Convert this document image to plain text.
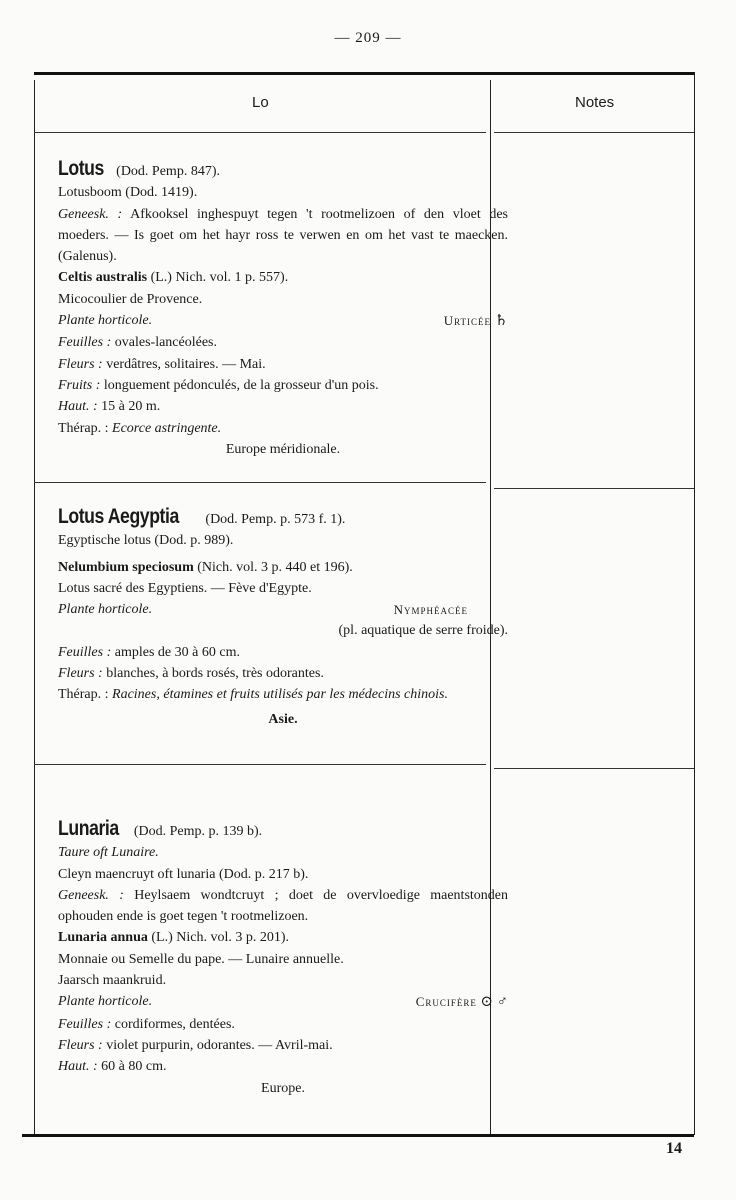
— 209 —
Lo	Notes

Lotus (Dod. Pemp. 847).

Lotusboom (Dod. 1419).

Geneesk. : Afkooksel inghespuyt tegen 't rootmelizoen of den vloet des moeders. — Is goet om het hayr ross te verwen en om het vast te maecken. (Galenus).

Celtis australis (L.) Nich. vol. 1 p. 557).

Micocoulier de Provence.

Plante horticole.	Urticée ♄

Feuilles : ovales-lancéolées.

Fleurs : verdâtres, solitaires. — Mai.

Fruits : longuement pédonculés, de la grosseur d'un pois.

Haut. : 15 à 20 m.

Thérap. : Ecorce astringente.

Europe méridionale.

Lotus Aegyptia (Dod. Pemp. p. 573 f. 1).

Egyptische lotus (Dod. p. 989).

Nelumbium speciosum (Nich. vol. 3 p. 440 et 196).

Lotus sacré des Egyptiens. — Fève d'Egypte.

Plante horticole.	Nymphéacée

(pl. aquatique de serre froide).

Feuilles : amples de 30 à 60 cm.

Fleurs : blanches, à bords rosés, très odorantes.

Thérap. : Racines, étamines et fruits utilisés par les médecins chinois.

Asie.

Lunaria (Dod. Pemp. p. 139 b).

Taure oft Lunaire.

Cleyn maencruyt oft lunaria (Dod. p. 217 b).

Geneesk. : Heylsaem wondtcruyt ; doet de overvloedige maentstonden ophouden ende is goet tegen 't rootmelizoen.

Lunaria annua (L.) Nich. vol. 3 p. 201).

Monnaie ou Semelle du pape. — Lunaire annuelle.

Jaarsch maankruid.

Plante horticole.	Crucifère ⊙ ♂

Feuilles : cordiformes, dentées.

Fleurs : violet purpurin, odorantes. — Avril-mai.

Haut. : 60 à 80 cm.

Europe.

14
